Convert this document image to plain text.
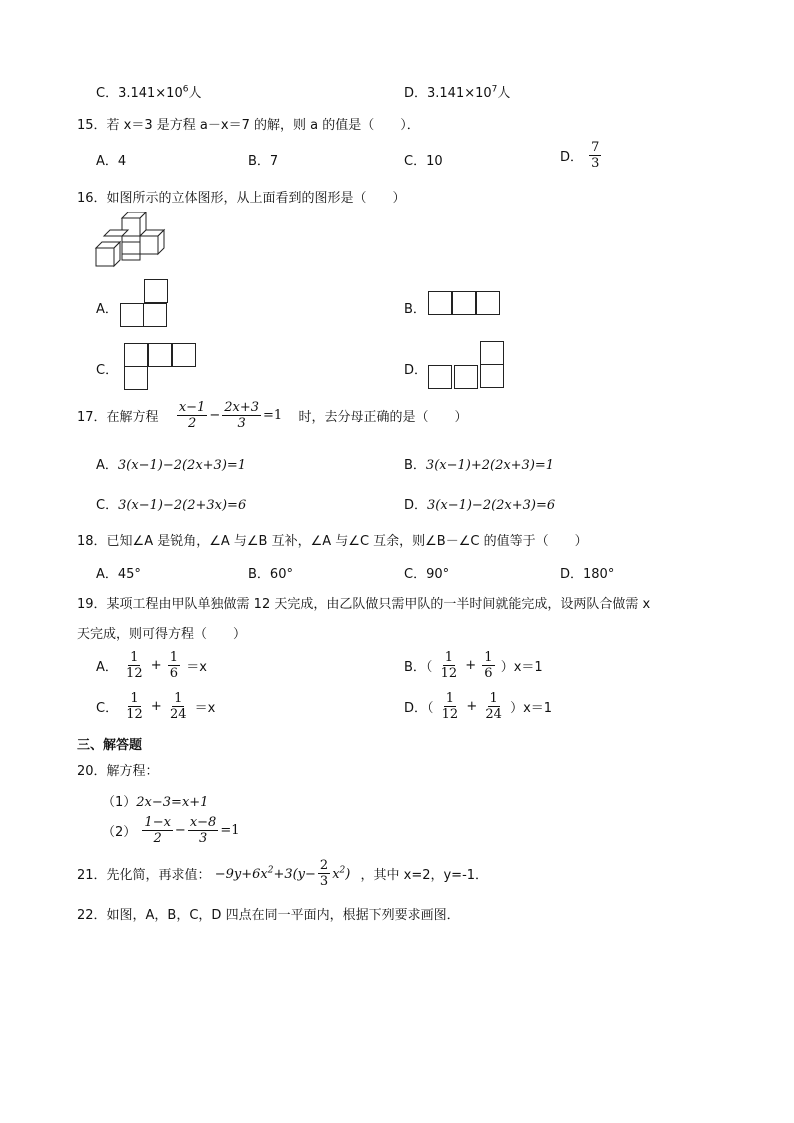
C．$3.141\times 10^6$人	D．$3.141\times 10^7$人
15．若 x＝3 是方程 a－x＝7 的解，则 a 的值是（　　）．
A．4	B．7	C．10	D． $\frac{7}{3}$
16．如图所示的立体图形，从上面看到的图形是（　　）
A．	B．
C．	D．
17．在解方程 $\frac{x-1}{2} - \frac{2x+3}{3} =1$ 时，去分母正确的是（　　）
A．3(x−1)−2(2x+3)=1	B．3(x−1)+2(2x+3)=1
C．3(x−1)−2(2+3x)=6	D．3(x−1)−2(2x+3)=6
18．已知∠A 是锐角，∠A 与∠B 互补，∠A 与∠C 互余，则∠B－∠C 的值等于（　　）
A．45°	B．60°	C．90°	D．180°
19．某项工程由甲队单独做需 12 天完成，由乙队做只需甲队的一半时间就能完成，设两队合做需 x
天完成，则可得方程（　　）
A． $\frac{1}{12} + \frac{1}{6} =x$	B．（ $\frac{1}{12} + \frac{1}{6} )x=1$
C． $\frac{1}{12} + \frac{1}{24} =x$	D．（ $\frac{1}{12} + \frac{1}{24} )x=1$
三、解答题
20．解方程：
（1）2x−3=x+1
$(2) \frac{1-x}{2} - \frac{x-8}{3} =1$
21．先化简，再求值： $-9y+6x^2+3(y- \frac{2}{3} x^2)$ ，其中 x=2，y=-1．
22．如图，A，B，C，D 四点在同一平面内，根据下列要求画图．
